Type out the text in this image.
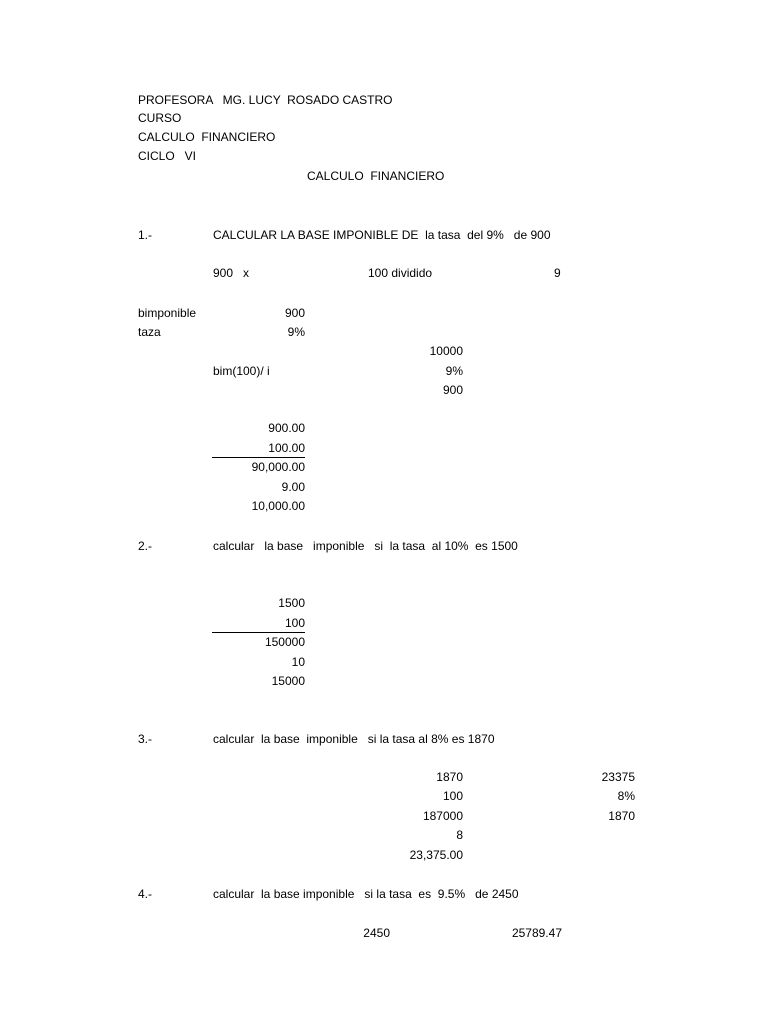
PROFESORA   MG. LUCY  ROSADO CASTRO
CURSO
CALCULO  FINANCIERO
CICLO   VI
CALCULO  FINANCIERO
1.-	CALCULAR LA BASE IMPONIBLE DE  la tasa  del 9%   de 900
900   x	100 dividido	9
bimponible	900
taza	9%
10000
bim(100)/ i	9%
900
900.00
100.00
90,000.00
9.00
10,000.00
2.-	calcular   la base   imponible   si  la tasa  al 10%  es 1500
1500
100
150000
10
15000
3.-	calcular  la base  imponible   si la tasa al 8% es 1870
1870	23375
100	8%
187000	1870
8
23,375.00
4.-	calcular  la base imponible   si la tasa  es  9.5%   de 2450
2450	25789.47
